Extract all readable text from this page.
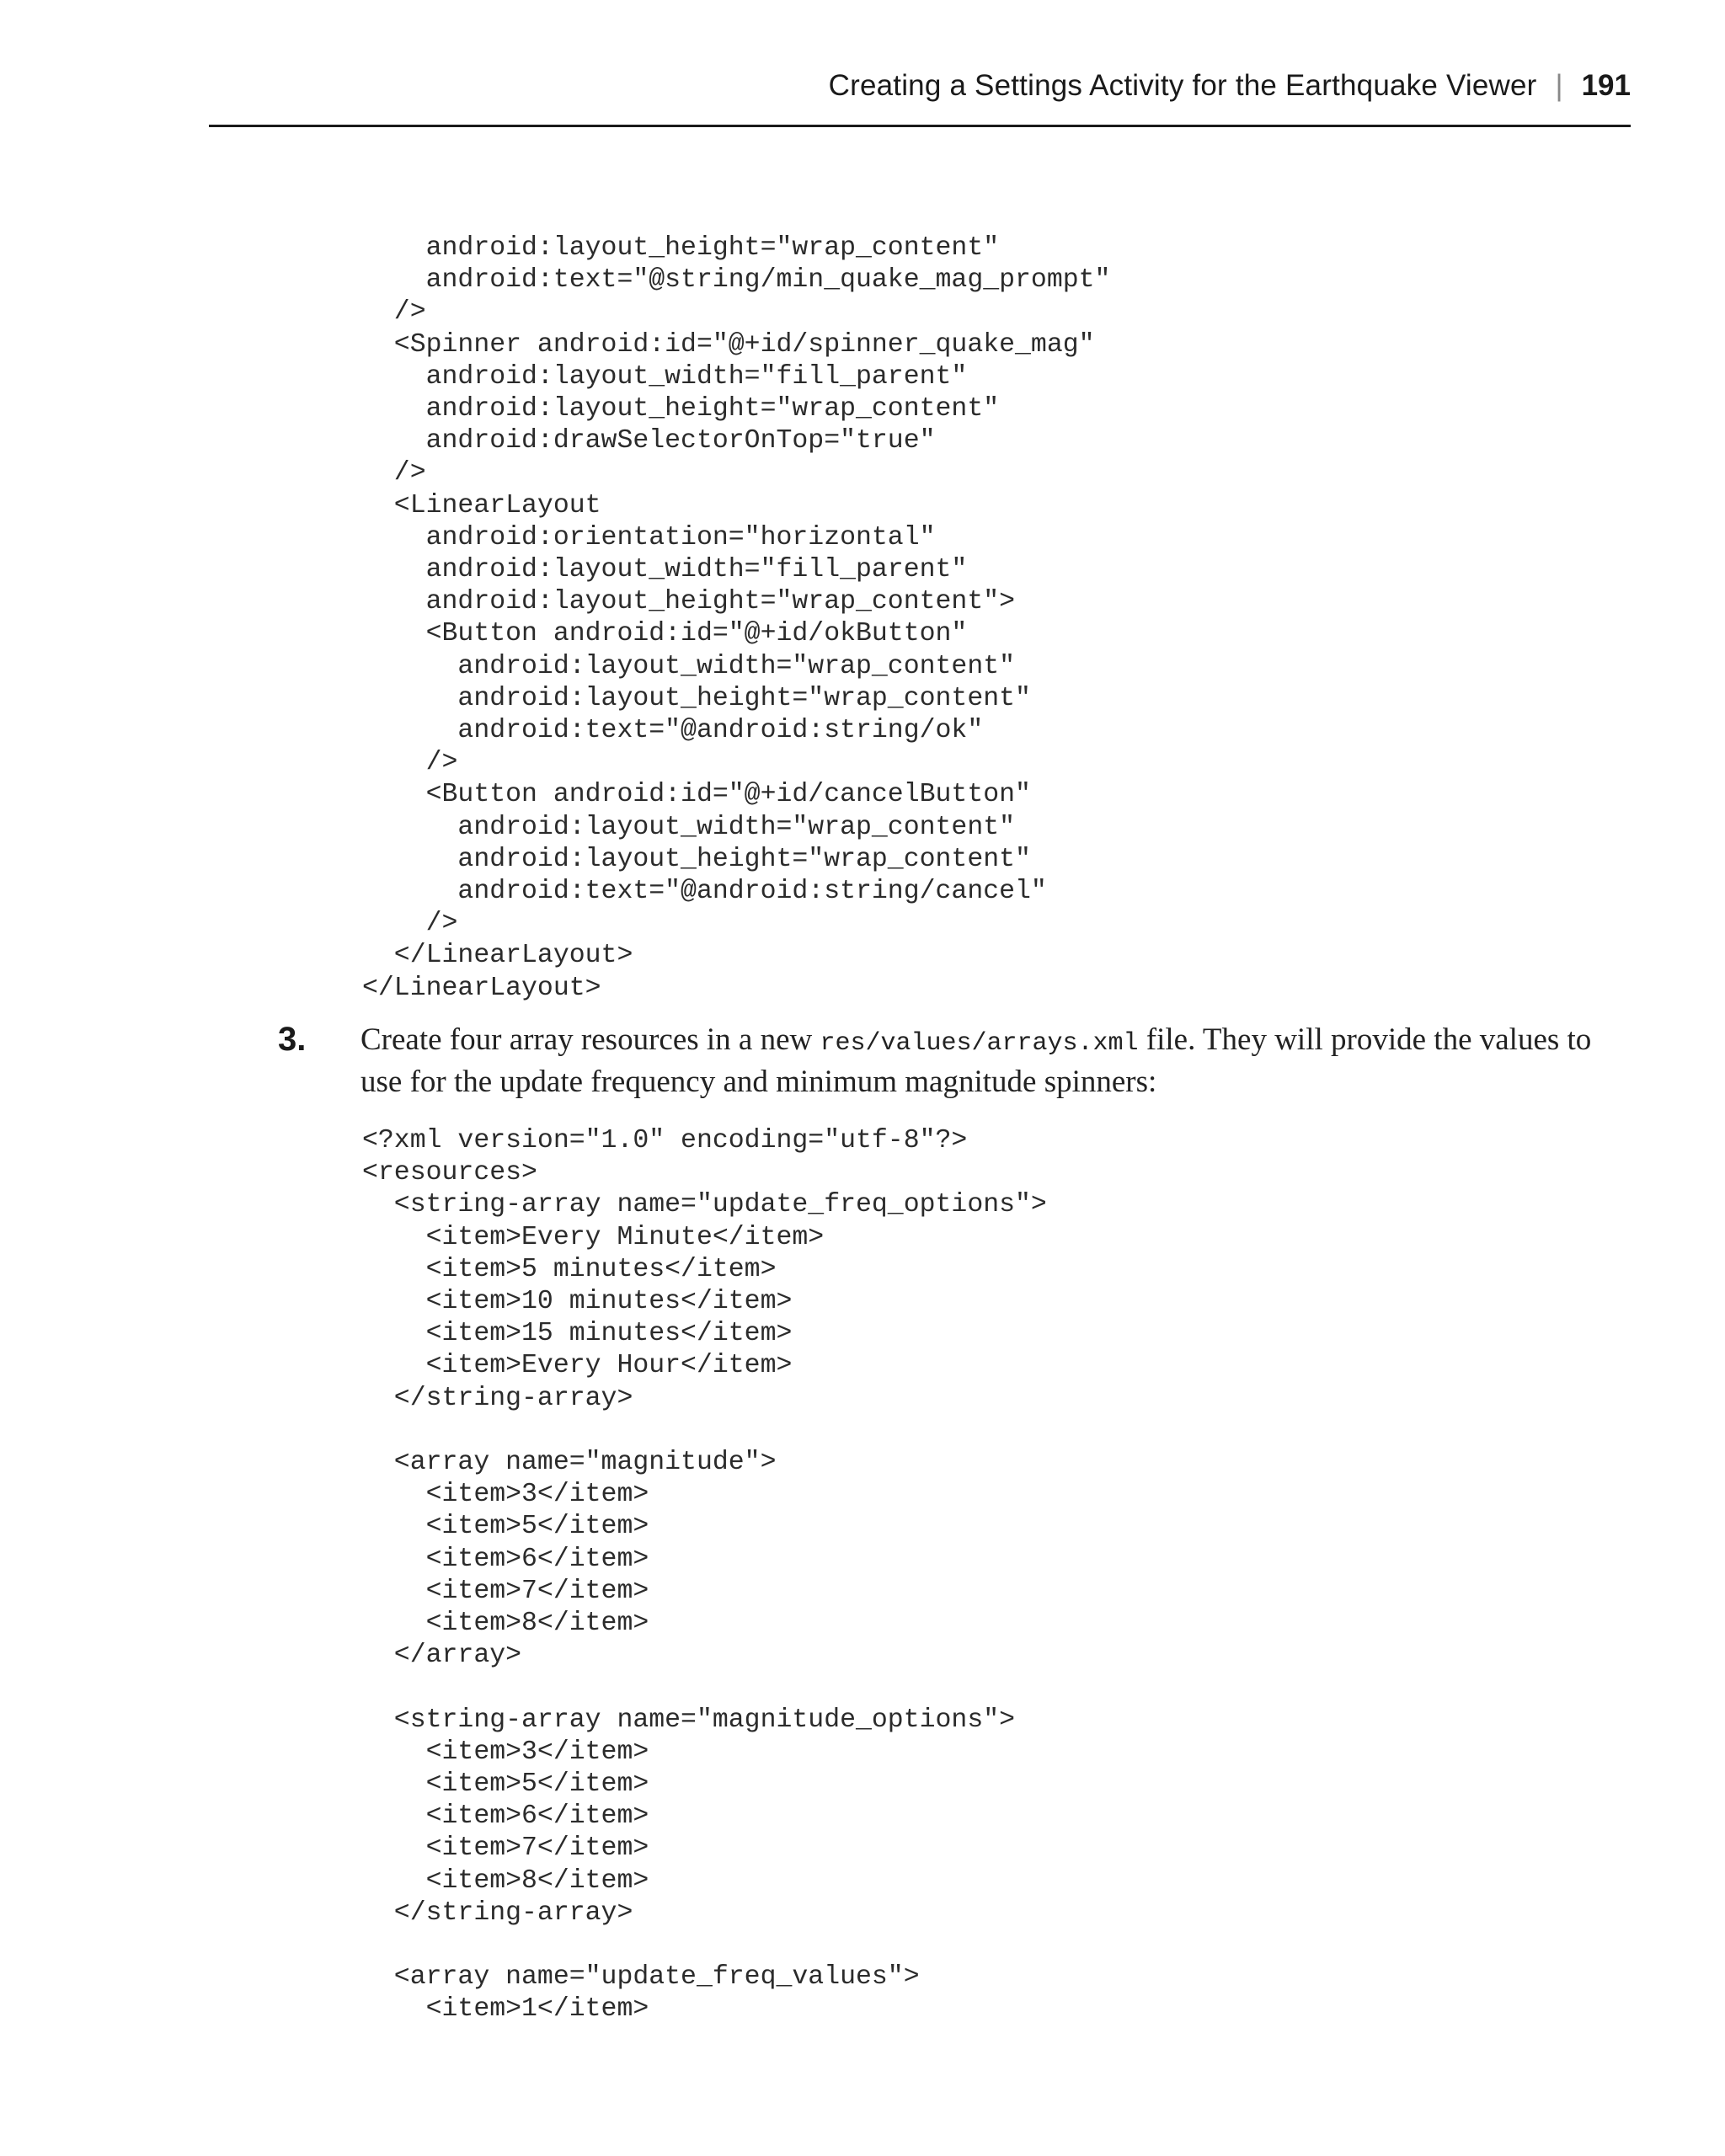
Creating a Settings Activity for the Earthquake Viewer | 191
android:layout_height="wrap_content"
android:text="@string/min_quake_mag_prompt"
/>
<Spinner android:id="@+id/spinner_quake_mag"
android:layout_width="fill_parent"
android:layout_height="wrap_content"
android:drawSelectorOnTop="true"
/>
<LinearLayout
android:orientation="horizontal"
android:layout_width="fill_parent"
android:layout_height="wrap_content">
<Button android:id="@+id/okButton"
android:layout_width="wrap_content"
android:layout_height="wrap_content"
android:text="@android:string/ok"
/>
<Button android:id="@+id/cancelButton"
android:layout_width="wrap_content"
android:layout_height="wrap_content"
android:text="@android:string/cancel"
/>
</LinearLayout>
</LinearLayout>
3. Create four array resources in a new res/values/arrays.xml file. They will provide the values to use for the update frequency and minimum magnitude spinners:
<?xml version="1.0" encoding="utf-8"?>
<resources>
<string-array name="update_freq_options">
<item>Every Minute</item>
<item>5 minutes</item>
<item>10 minutes</item>
<item>15 minutes</item>
<item>Every Hour</item>
</string-array>

<array name="magnitude">
<item>3</item>
<item>5</item>
<item>6</item>
<item>7</item>
<item>8</item>
</array>

<string-array name="magnitude_options">
<item>3</item>
<item>5</item>
<item>6</item>
<item>7</item>
<item>8</item>
</string-array>

<array name="update_freq_values">
<item>1</item>
